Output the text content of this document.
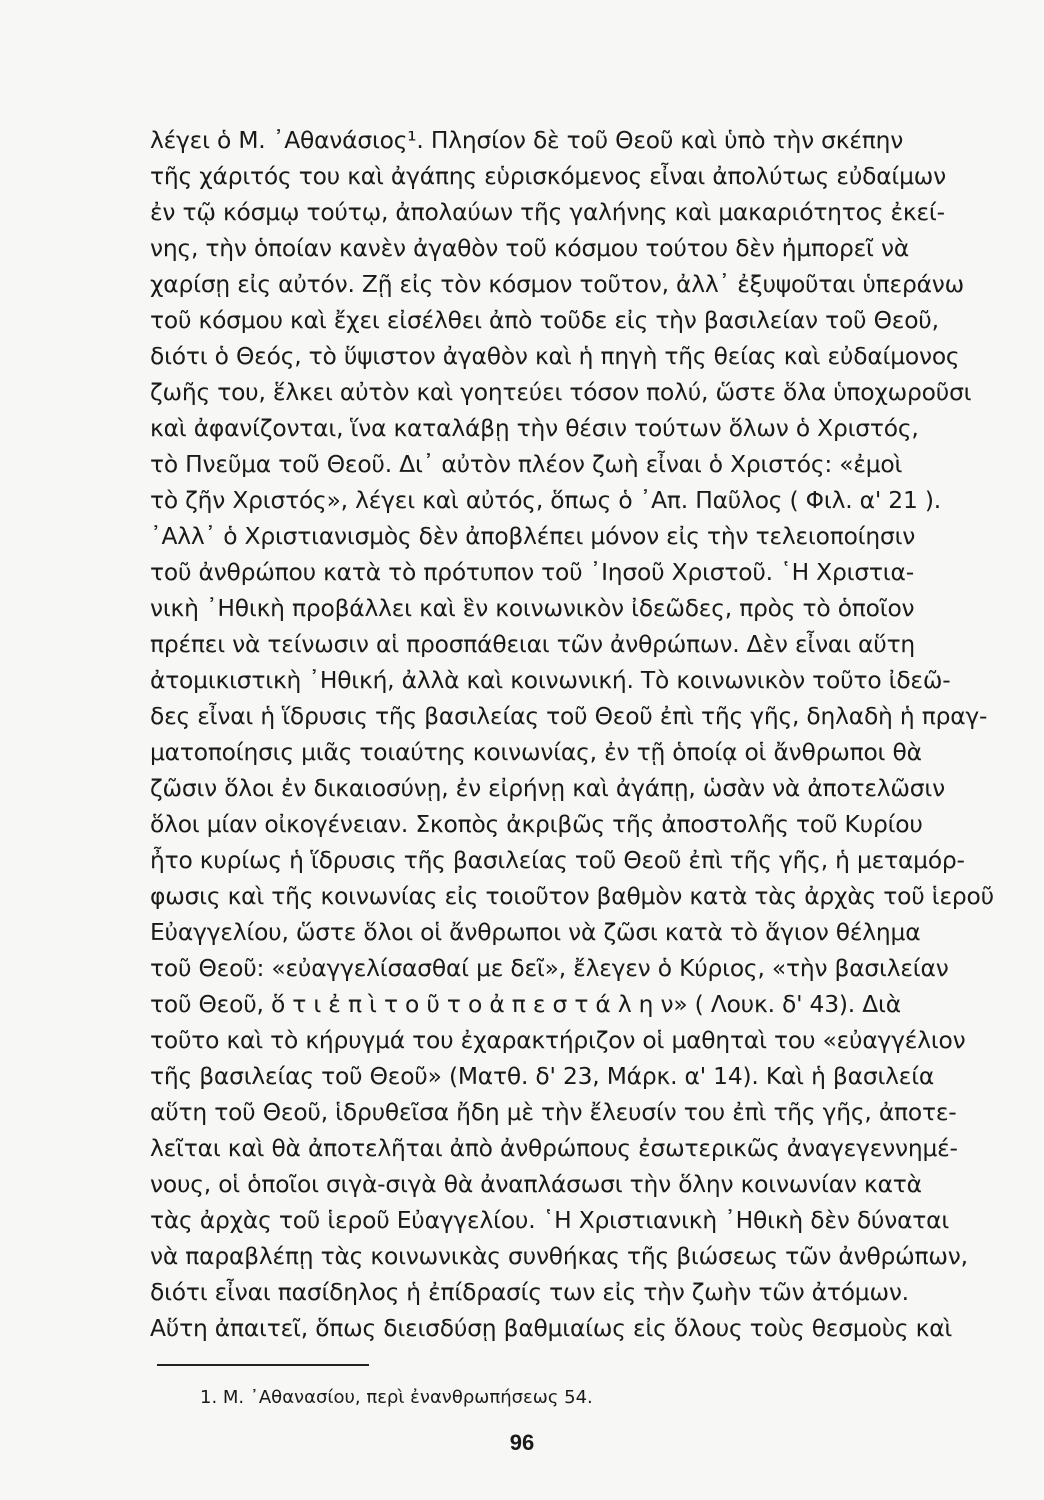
λέγει ὁ Μ. ᾿Αθανάσιος¹. Πλησίον δὲ τοῦ Θεοῦ καὶ ὑπὸ τὴν σκέπην
τῆς χάριτός του καὶ ἀγάπης εὑρισκόμενος εἶναι ἀπολύτως εὐδαίμων
ἐν τῷ κόσμῳ τούτῳ, ἀπολαύων τῆς γαλήνης καὶ μακαριότητος ἐκεί-
νης, τὴν ὁποίαν κανὲν ἀγαθὸν τοῦ κόσμου τούτου δὲν ἠμπορεῖ νὰ
χαρίσῃ εἰς αὐτόν. Ζῇ εἰς τὸν κόσμον τοῦτον, ἀλλ᾿ ἐξυψοῦται ὑπεράνω
τοῦ κόσμου καὶ ἔχει εἰσέλθει ἀπὸ τοῦδε εἰς τὴν βασιλείαν τοῦ Θεοῦ,
διότι ὁ Θεός, τὸ ὕψιστον ἀγαθὸν καὶ ἡ πηγὴ τῆς θείας καὶ εὐδαίμονος
ζωῆς του, ἕλκει αὐτὸν καὶ γοητεύει τόσον πολύ, ὥστε ὅλα ὑποχωροῦσι
καὶ ἀφανίζονται, ἵνα καταλάβῃ τὴν θέσιν τούτων ὅλων ὁ Χριστός,
τὸ Πνεῦμα τοῦ Θεοῦ. Δι᾿ αὐτὸν πλέον ζωὴ εἶναι ὁ Χριστός: «ἐμοὶ
τὸ ζῆν Χριστός», λέγει καὶ αὐτός, ὅπως ὁ ᾿Απ. Παῦλος ( Φιλ. α' 21 ).
᾿Αλλ᾿ ὁ Χριστιανισμὸς δὲν ἀποβλέπει μόνον εἰς τὴν τελειοποίησιν
τοῦ ἀνθρώπου κατὰ τὸ πρότυπον τοῦ ᾿Ιησοῦ Χριστοῦ. ῾Η Χριστια-
νικὴ ᾿Ηθικὴ προβάλλει καὶ ἓν κοινωνικὸν ἰδεῶδες, πρὸς τὸ ὁποῖον
πρέπει νὰ τείνωσιν αἱ προσπάθειαι τῶν ἀνθρώπων. Δὲν εἶναι αὕτη
ἀτομικιστικὴ ᾿Ηθική, ἀλλὰ καὶ κοινωνική. Τὸ κοινωνικὸν τοῦτο ἰδεῶ-
δες εἶναι ἡ ἵδρυσις τῆς βασιλείας τοῦ Θεοῦ ἐπὶ τῆς γῆς, δηλαδὴ ἡ πραγ-
ματοποίησις μιᾶς τοιαύτης κοινωνίας, ἐν τῇ ὁποίᾳ οἱ ἄνθρωποι θὰ
ζῶσιν ὅλοι ἐν δικαιοσύνῃ, ἐν εἰρήνῃ καὶ ἀγάπῃ, ὡσὰν νὰ ἀποτελῶσιν
ὅλοι μίαν οἰκογένειαν. Σκοπὸς ἀκριβῶς τῆς ἀποστολῆς τοῦ Κυρίου
ἦτο κυρίως ἡ ἵδρυσις τῆς βασιλείας τοῦ Θεοῦ ἐπὶ τῆς γῆς, ἡ μεταμόρ-
φωσις καὶ τῆς κοινωνίας εἰς τοιοῦτον βαθμὸν κατὰ τὰς ἀρχὰς τοῦ ἱεροῦ
Εὐαγγελίου, ὥστε ὅλοι οἱ ἄνθρωποι νὰ ζῶσι κατὰ τὸ ἅγιον θέλημα
τοῦ Θεοῦ: «εὐαγγελίσασθαί με δεῖ», ἔλεγεν ὁ Κύριος, «τὴν βασιλείαν
τοῦ Θεοῦ, ὅ τ ι ἐ π ὶ τ ο ῦ τ ο ἀ π ε σ τ ά λ η ν» ( Λουκ. δ' 43). Διὰ
τοῦτο καὶ τὸ κήρυγμά του ἐχαρακτήριζον οἱ μαθηταὶ του «εὐαγγέλιον
τῆς βασιλείας τοῦ Θεοῦ» (Ματθ. δ' 23, Μάρκ. α' 14). Καὶ ἡ βασιλεία
αὕτη τοῦ Θεοῦ, ἱδρυθεῖσα ἤδη μὲ τὴν ἔλευσίν του ἐπὶ τῆς γῆς, ἀποτε-
λεῖται καὶ θὰ ἀποτελῆται ἀπὸ ἀνθρώπους ἐσωτερικῶς ἀναγεγεννημέ-
νους, οἱ ὁποῖοι σιγὰ-σιγὰ θὰ ἀναπλάσωσι τὴν ὅλην κοινωνίαν κατὰ
τὰς ἀρχὰς τοῦ ἱεροῦ Εὐαγγελίου. ῾Η Χριστιανικὴ ᾿Ηθικὴ δὲν δύναται
νὰ παραβλέπῃ τὰς κοινωνικὰς συνθήκας τῆς βιώσεως τῶν ἀνθρώπων,
διότι εἶναι πασίδηλος ἡ ἐπίδρασίς των εἰς τὴν ζωὴν τῶν ἀτόμων.
Αὕτη ἀπαιτεῖ, ὅπως διεισδύσῃ βαθμιαίως εἰς ὅλους τοὺς θεσμοὺς καὶ
1. Μ. ᾿Αθανασίου, περὶ ἐνανθρωπήσεως 54.
96
